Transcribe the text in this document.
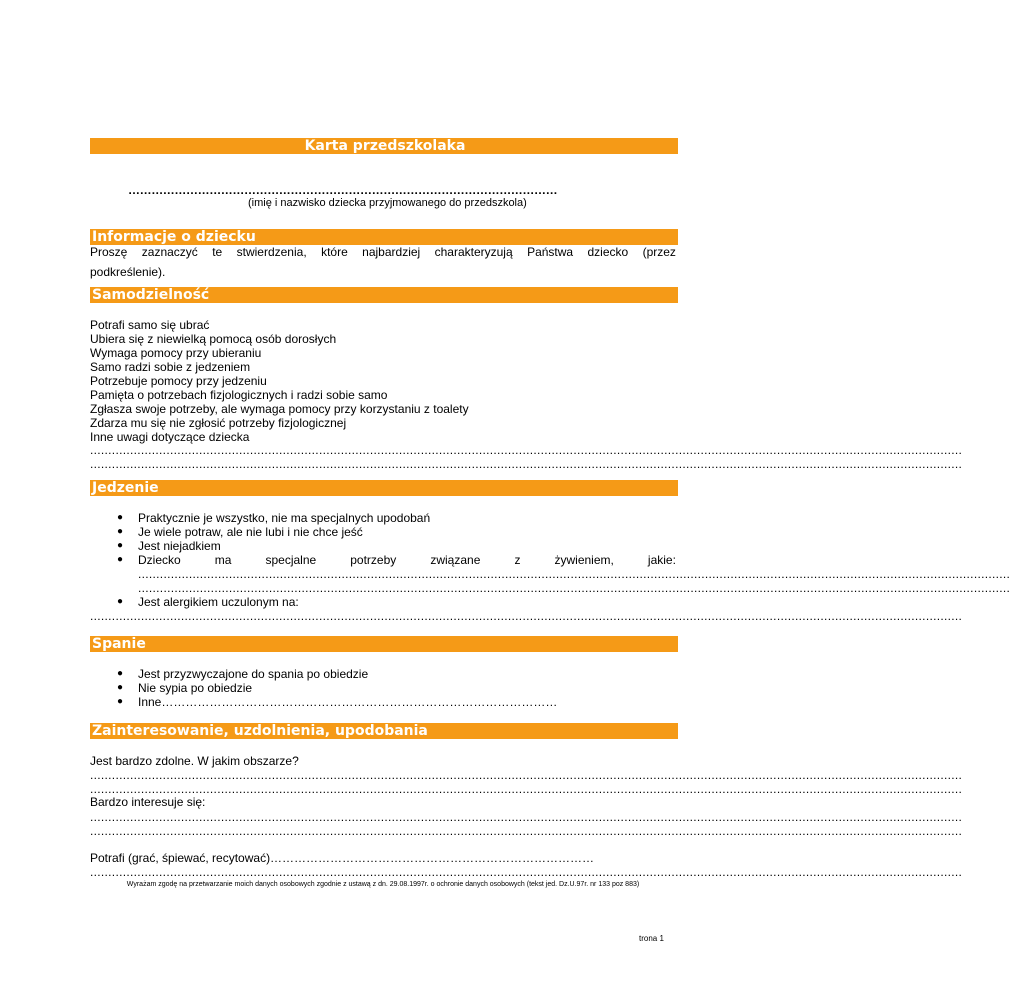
Karta przedszkolaka
…………………………………………………………………………………………………
(imię i nazwisko dziecka przyjmowanego do przedszkola)
Informacje o dziecku
Proszę zaznaczyć te stwierdzenia, które najbardziej charakteryzują Państwa dziecko (przez
podkreślenie).
Samodzielność
Potrafi samo się ubrać
Ubiera się z niewielką pomocą osób dorosłych
Wymaga pomocy przy ubieraniu
Samo radzi sobie z jedzeniem
Potrzebuje pomocy przy jedzeniu
Pamięta o potrzebach fizjologicznych i radzi sobie samo
Zgłasza swoje potrzeby, ale wymaga pomocy przy korzystaniu z toalety
Zdarza mu się nie zgłosić potrzeby fizjologicznej
Inne uwagi dotyczące dziecka
................................................................................................................................................................................................................................................
................................................................................................................................................................................................................................................
Jedzenie
● Praktycznie je wszystko, nie ma specjalnych upodobań
● Je wiele potraw, ale nie lubi i nie chce jeść
● Jest niejadkiem
● Dziecko	ma	specjalne	potrzeby	związane	z	żywieniem,	jakie:
................................................................................................................................................................................................................................................
................................................................................................................................................................................................................................................
● Jest alergikiem uczulonym na:
................................................................................................................................................................................................................................................
Spanie
● Jest przyzwyczajone do spania po obiedzie
● Nie sypia po obiedzie
● Inne………………………………………………………………………………………
Zainteresowanie, uzdolnienia, upodobania
Jest bardzo zdolne. W jakim obszarze?
................................................................................................................................................................................................................................................
................................................................................................................................................................................................................................................
Bardzo interesuje się:
................................................................................................................................................................................................................................................
................................................................................................................................................................................................................................................
Potrafi (grać, śpiewać, recytować)………………………………………………………………………
................................................................................................................................................................................................................................................
Wyrażam zgodę na przetwarzanie moich danych osobowych zgodnie z ustawą z dn. 29.08.1997r. o ochronie danych osobowych (tekst jed. Dz.U.97r. nr 133 poz 883)
trona 1
